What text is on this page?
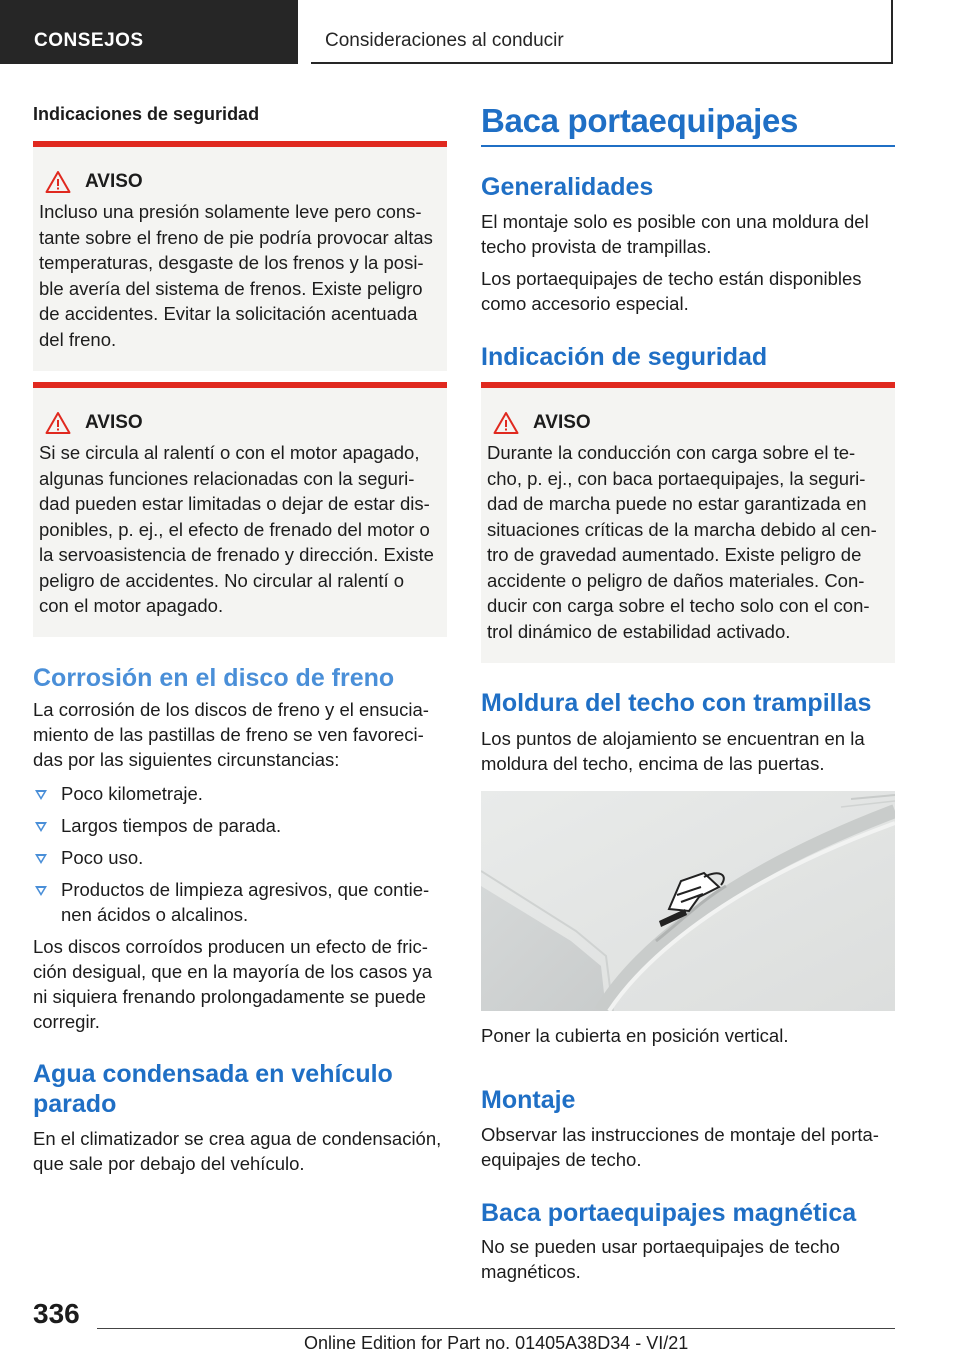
CONSEJOS	Consideraciones al conducir
Indicaciones de seguridad
AVISO
Incluso una presión solamente leve pero cons-tante sobre el freno de pie podría provocar altas temperaturas, desgaste de los frenos y la posi-ble avería del sistema de frenos. Existe peligro de accidentes. Evitar la solicitación acentuada del freno.
AVISO
Si se circula al ralentí o con el motor apagado, algunas funciones relacionadas con la seguri-dad pueden estar limitadas o dejar de estar dis-ponibles, p. ej., el efecto de frenado del motor o la servoasistencia de frenado y dirección. Existe peligro de accidentes. No circular al ralentí o con el motor apagado.
Corrosión en el disco de freno
La corrosión de los discos de freno y el ensucia-miento de las pastillas de freno se ven favoreci-das por las siguientes circunstancias:
Poco kilometraje.
Largos tiempos de parada.
Poco uso.
Productos de limpieza agresivos, que contie-nen ácidos o alcalinos.
Los discos corroídos producen un efecto de fric-ción desigual, que en la mayoría de los casos ya ni siquiera frenando prolongadamente se puede corregir.
Agua condensada en vehículo parado
En el climatizador se crea agua de condensación, que sale por debajo del vehículo.
Baca portaequipajes
Generalidades
El montaje solo es posible con una moldura del techo provista de trampillas.
Los portaequipajes de techo están disponibles como accesorio especial.
Indicación de seguridad
AVISO
Durante la conducción con carga sobre el te-cho, p. ej., con baca portaequipajes, la seguri-dad de marcha puede no estar garantizada en situaciones críticas de la marcha debido al cen-tro de gravedad aumentado. Existe peligro de accidente o peligro de daños materiales. Con-ducir con carga sobre el techo solo con el con-trol dinámico de estabilidad activado.
Moldura del techo con trampillas
Los puntos de alojamiento se encuentran en la moldura del techo, encima de las puertas.
Poner la cubierta en posición vertical.
Montaje
Observar las instrucciones de montaje del porta-equipajes de techo.
Baca portaequipajes magnética
No se pueden usar portaequipajes de techo magnéticos.
336
Online Edition for Part no. 01405A38D34 - VI/21
